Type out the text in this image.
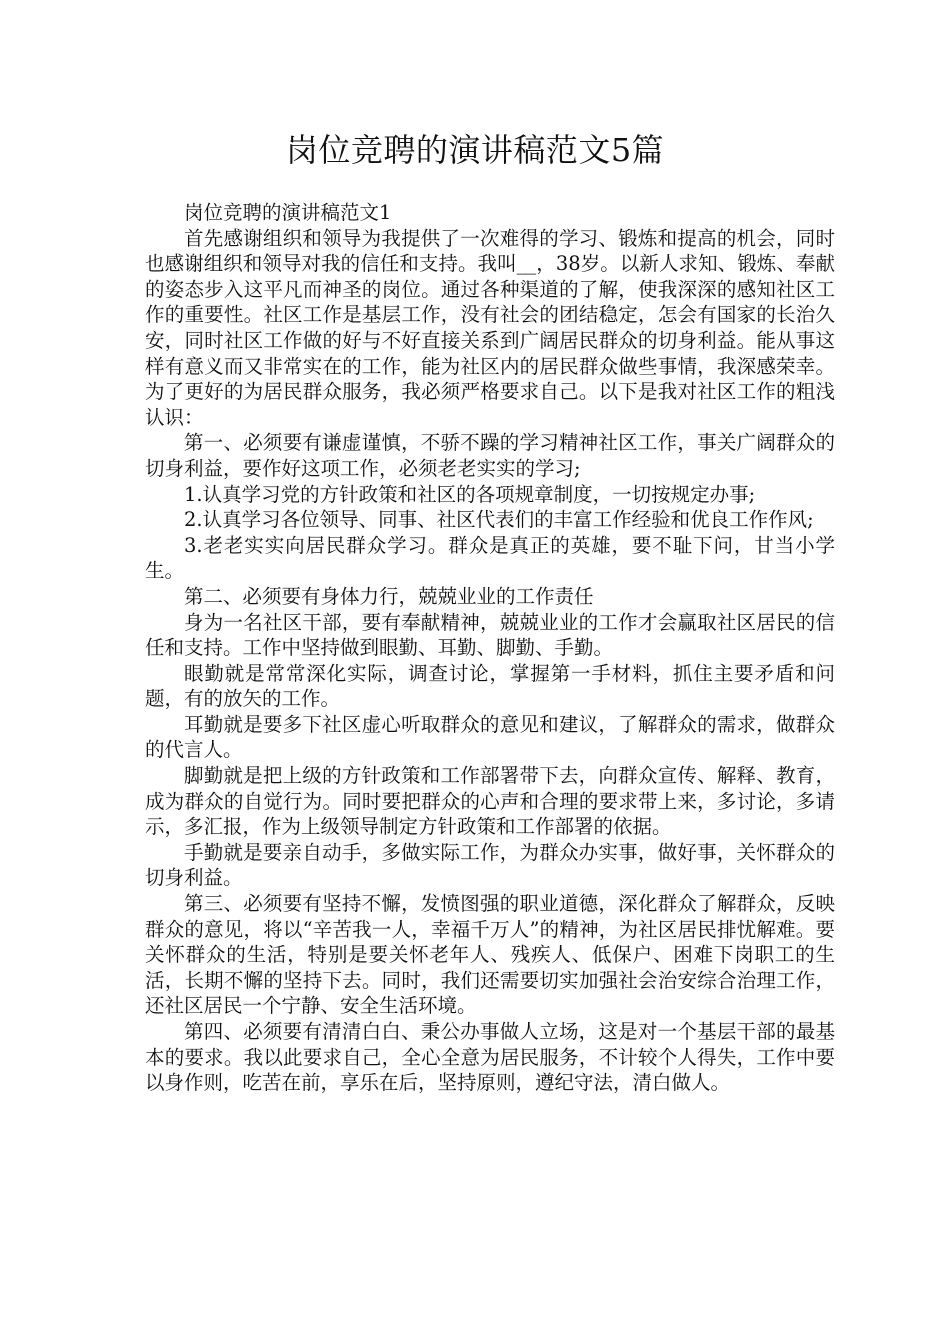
岗位竞聘的演讲稿范文5篇

岗位竞聘的演讲稿范文1

首先感谢组织和领导为我提供了一次难得的学习、锻炼和提高的机会，同时也感谢组织和领导对我的信任和支持。我叫__，38岁。以新人求知、锻炼、奉献的姿态步入这平凡而神圣的岗位。通过各种渠道的了解，使我深深的感知社区工作的重要性。社区工作是基层工作，没有社会的团结稳定，怎会有国家的长治久安，同时社区工作做的好与不好直接关系到广阔居民群众的切身利益。能从事这样有意义而又非常实在的工作，能为社区内的居民群众做些事情，我深感荣幸。为了更好的为居民群众服务，我必须严格要求自己。以下是我对社区工作的粗浅认识：

第一、必须要有谦虚谨慎，不骄不躁的学习精神社区工作，事关广阔群众的切身利益，要作好这项工作，必须老老实实的学习;

1.认真学习党的方针政策和社区的各项规章制度，一切按规定办事;

2.认真学习各位领导、同事、社区代表们的丰富工作经验和优良工作作风;

3.老老实实向居民群众学习。群众是真正的英雄，要不耻下问，甘当小学生。

第二、必须要有身体力行，兢兢业业的工作责任

身为一名社区干部，要有奉献精神，兢兢业业的工作才会赢取社区居民的信任和支持。工作中坚持做到眼勤、耳勤、脚勤、手勤。

眼勤就是常常深化实际，调查讨论，掌握第一手材料，抓住主要矛盾和问题，有的放矢的工作。

耳勤就是要多下社区虚心听取群众的意见和建议，了解群众的需求，做群众的代言人。

脚勤就是把上级的方针政策和工作部署带下去，向群众宣传、解释、教育，成为群众的自觉行为。同时要把群众的心声和合理的要求带上来，多讨论，多请示，多汇报，作为上级领导制定方针政策和工作部署的依据。

手勤就是要亲自动手，多做实际工作，为群众办实事，做好事，关怀群众的切身利益。

第三、必须要有坚持不懈，发愤图强的职业道德，深化群众了解群众，反映群众的意见，将以“辛苦我一人，幸福千万人”的精神，为社区居民排忧解难。要关怀群众的生活，特别是要关怀老年人、残疾人、低保户、困难下岗职工的生活，长期不懈的坚持下去。同时，我们还需要切实加强社会治安综合治理工作，还社区居民一个宁静、安全生活环境。

第四、必须要有清清白白、秉公办事做人立场，这是对一个基层干部的最基本的要求。我以此要求自己，全心全意为居民服务，不计较个人得失，工作中要以身作则，吃苦在前，享乐在后，坚持原则，遵纪守法，清白做人。
